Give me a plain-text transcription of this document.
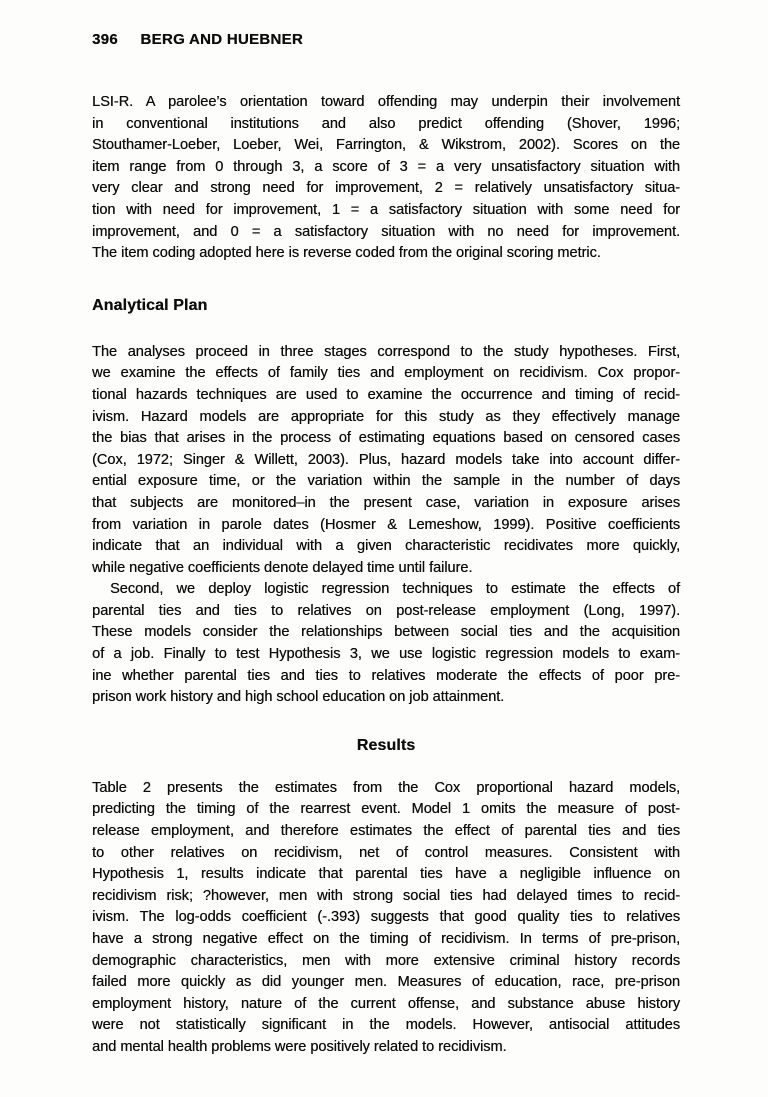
396 BERG AND HUEBNER
LSI-R. A parolee’s orientation toward offending may underpin their involvement
in conventional institutions and also predict offending (Shover, 1996;
Stouthamer-Loeber, Loeber, Wei, Farrington, & Wikstrom, 2002). Scores on the
item range from 0 through 3, a score of 3 = a very unsatisfactory situation with
very clear and strong need for improvement, 2 = relatively unsatisfactory situa-
tion with need for improvement, 1 = a satisfactory situation with some need for
improvement, and 0 = a satisfactory situation with no need for improvement.
The item coding adopted here is reverse coded from the original scoring metric.
Analytical Plan
The analyses proceed in three stages correspond to the study hypotheses. First,
we examine the effects of family ties and employment on recidivism. Cox propor-
tional hazards techniques are used to examine the occurrence and timing of recid-
ivism. Hazard models are appropriate for this study as they effectively manage
the bias that arises in the process of estimating equations based on censored cases
(Cox, 1972; Singer & Willett, 2003). Plus, hazard models take into account differ-
ential exposure time, or the variation within the sample in the number of days
that subjects are monitored–in the present case, variation in exposure arises
from variation in parole dates (Hosmer & Lemeshow, 1999). Positive coefficients
indicate that an individual with a given characteristic recidivates more quickly,
while negative coefficients denote delayed time until failure.
Second, we deploy logistic regression techniques to estimate the effects of
parental ties and ties to relatives on post-release employment (Long, 1997).
These models consider the relationships between social ties and the acquisition
of a job. Finally to test Hypothesis 3, we use logistic regression models to exam-
ine whether parental ties and ties to relatives moderate the effects of poor pre-
prison work history and high school education on job attainment.
Results
Table 2 presents the estimates from the Cox proportional hazard models,
predicting the timing of the rearrest event. Model 1 omits the measure of post-
release employment, and therefore estimates the effect of parental ties and ties
to other relatives on recidivism, net of control measures. Consistent with
Hypothesis 1, results indicate that parental ties have a negligible influence on
recidivism risk; ?however, men with strong social ties had delayed times to recid-
ivism. The log-odds coefficient (-.393) suggests that good quality ties to relatives
have a strong negative effect on the timing of recidivism. In terms of pre-prison,
demographic characteristics, men with more extensive criminal history records
failed more quickly as did younger men. Measures of education, race, pre-prison
employment history, nature of the current offense, and substance abuse history
were not statistically significant in the models. However, antisocial attitudes
and mental health problems were positively related to recidivism.
